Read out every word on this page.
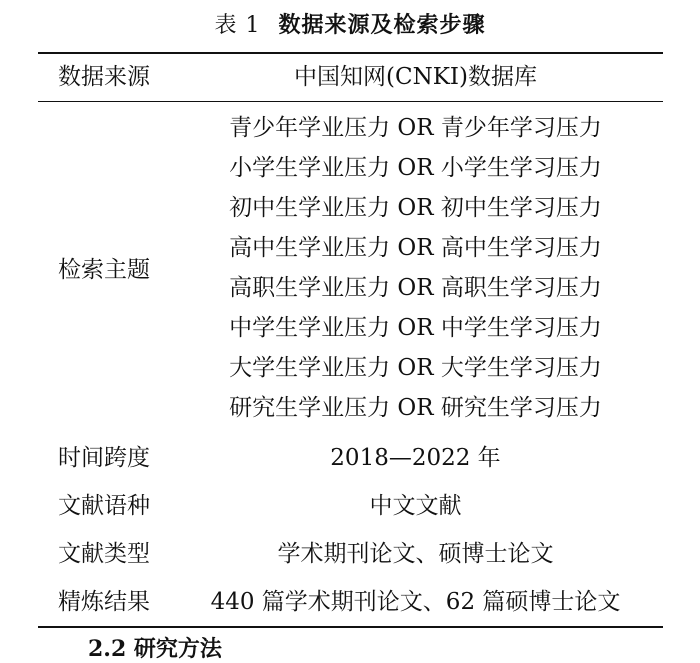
表 1 数据来源及检索步骤
数据来源	中国知网(CNKI)数据库
检索主题
青少年学业压力 OR 青少年学习压力
小学生学业压力 OR 小学生学习压力
初中生学业压力 OR 初中生学习压力
高中生学业压力 OR 高中生学习压力
高职生学业压力 OR 高职生学习压力
中学生学业压力 OR 中学生学习压力
大学生学业压力 OR 大学生学习压力
研究生学业压力 OR 研究生学习压力
时间跨度	2018—2022 年
文献语种	中文文献
文献类型	学术期刊论文、硕博士论文
精炼结果	440 篇学术期刊论文、62 篇硕博士论文
2.2 研究方法
